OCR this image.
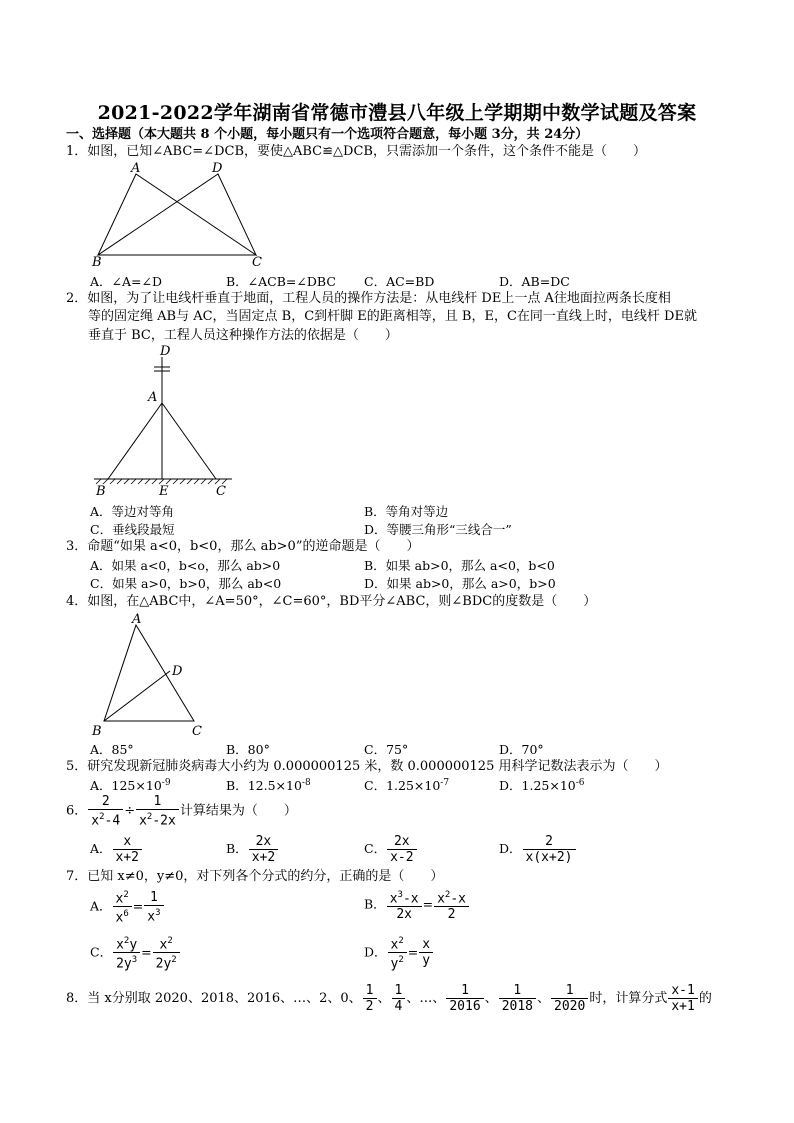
2021-2022学年湖南省常德市澧县八年级上学期期中数学试题及答案
一、选择题（本大题共 8 个小题，每小题只有一个选项符合题意，每小题 3分，共 24分）
1．如图，已知∠ABC=∠DCB，要使△ABC≌△DCB，只需添加一个条件，这个条件不能是（　　）
A	D
B	C
A．∠A=∠D	B．∠ACB=∠DBC C．AC=BD	D．AB=DC
2．如图，为了让电线杆垂直于地面，工程人员的操作方法是：从电线杆 DE上一点 A往地面拉两条长度相
等的固定绳 AB与 AC，当固定点 B，C到杆脚 E的距离相等，且 B，E，C在同一直线上时，电线杆 DE就
垂直于 BC，工程人员这种操作方法的依据是（　　）
D
A
B	E	C
A．等边对等角	B．等角对等边
C．垂线段最短	D．等腰三角形“三线合一”
3．命题“如果 a<0，b<0，那么 ab>0”的逆命题是（　　）
A．如果 a<0，b<o，那么 ab>0	B．如果 ab>0，那么 a<0，b<0
C．如果 a>0，b>0，那么 ab<0	D．如果 ab>0，那么 a>0，b>0
4．如图，在△ABC中，∠A=50°，∠C=60°，BD平分∠ABC，则∠BDC的度数是（　　）
A
D
B	C
A．85°	B．80°	C．75°	D．70°
5．研究发现新冠肺炎病毒大小约为 0.000000125 米，数 0.000000125 用科学记数法表示为（　　）
A．$125\times 10^{-9}$	B．$12.5\times 10^{-8}$	C．$1.25\times 10^{-7}$	D．$1.25\times 10^{-6}$
6． $\frac{2}{x^2-4} \div \frac{1}{x^2-2x}$ 计算结果为（　　）
A． $\frac{x}{x+2}$	B． $\frac{2x}{x+2}$	C． $\frac{2x}{x-2}$	D． $\frac{2}{x(x+2)}$
7．已知 x≠0，y≠0，对下列各个分式的约分，正确的是（　　）
A． $\frac{x^2}{x^6} = \frac{1}{x^3}$	B． $\frac{x^3-x}{2x} = \frac{x^2-x}{2}$
C． $\frac{x^2y}{2y^3} = \frac{x^2}{2y^2}$	D． $\frac{x^2}{y^2} = \frac{x}{y}$
8．当 x分别取 2020、2018、2016、…、2、0、 $\frac{1}{2}$ 、 $\frac{1}{4}$ 、…、 $\frac{1}{2016}$ 、 $\frac{1}{2018}$ 、 $\frac{1}{2020}$ 时，计算分式 $\frac{x-1}{x+1}$ 的
